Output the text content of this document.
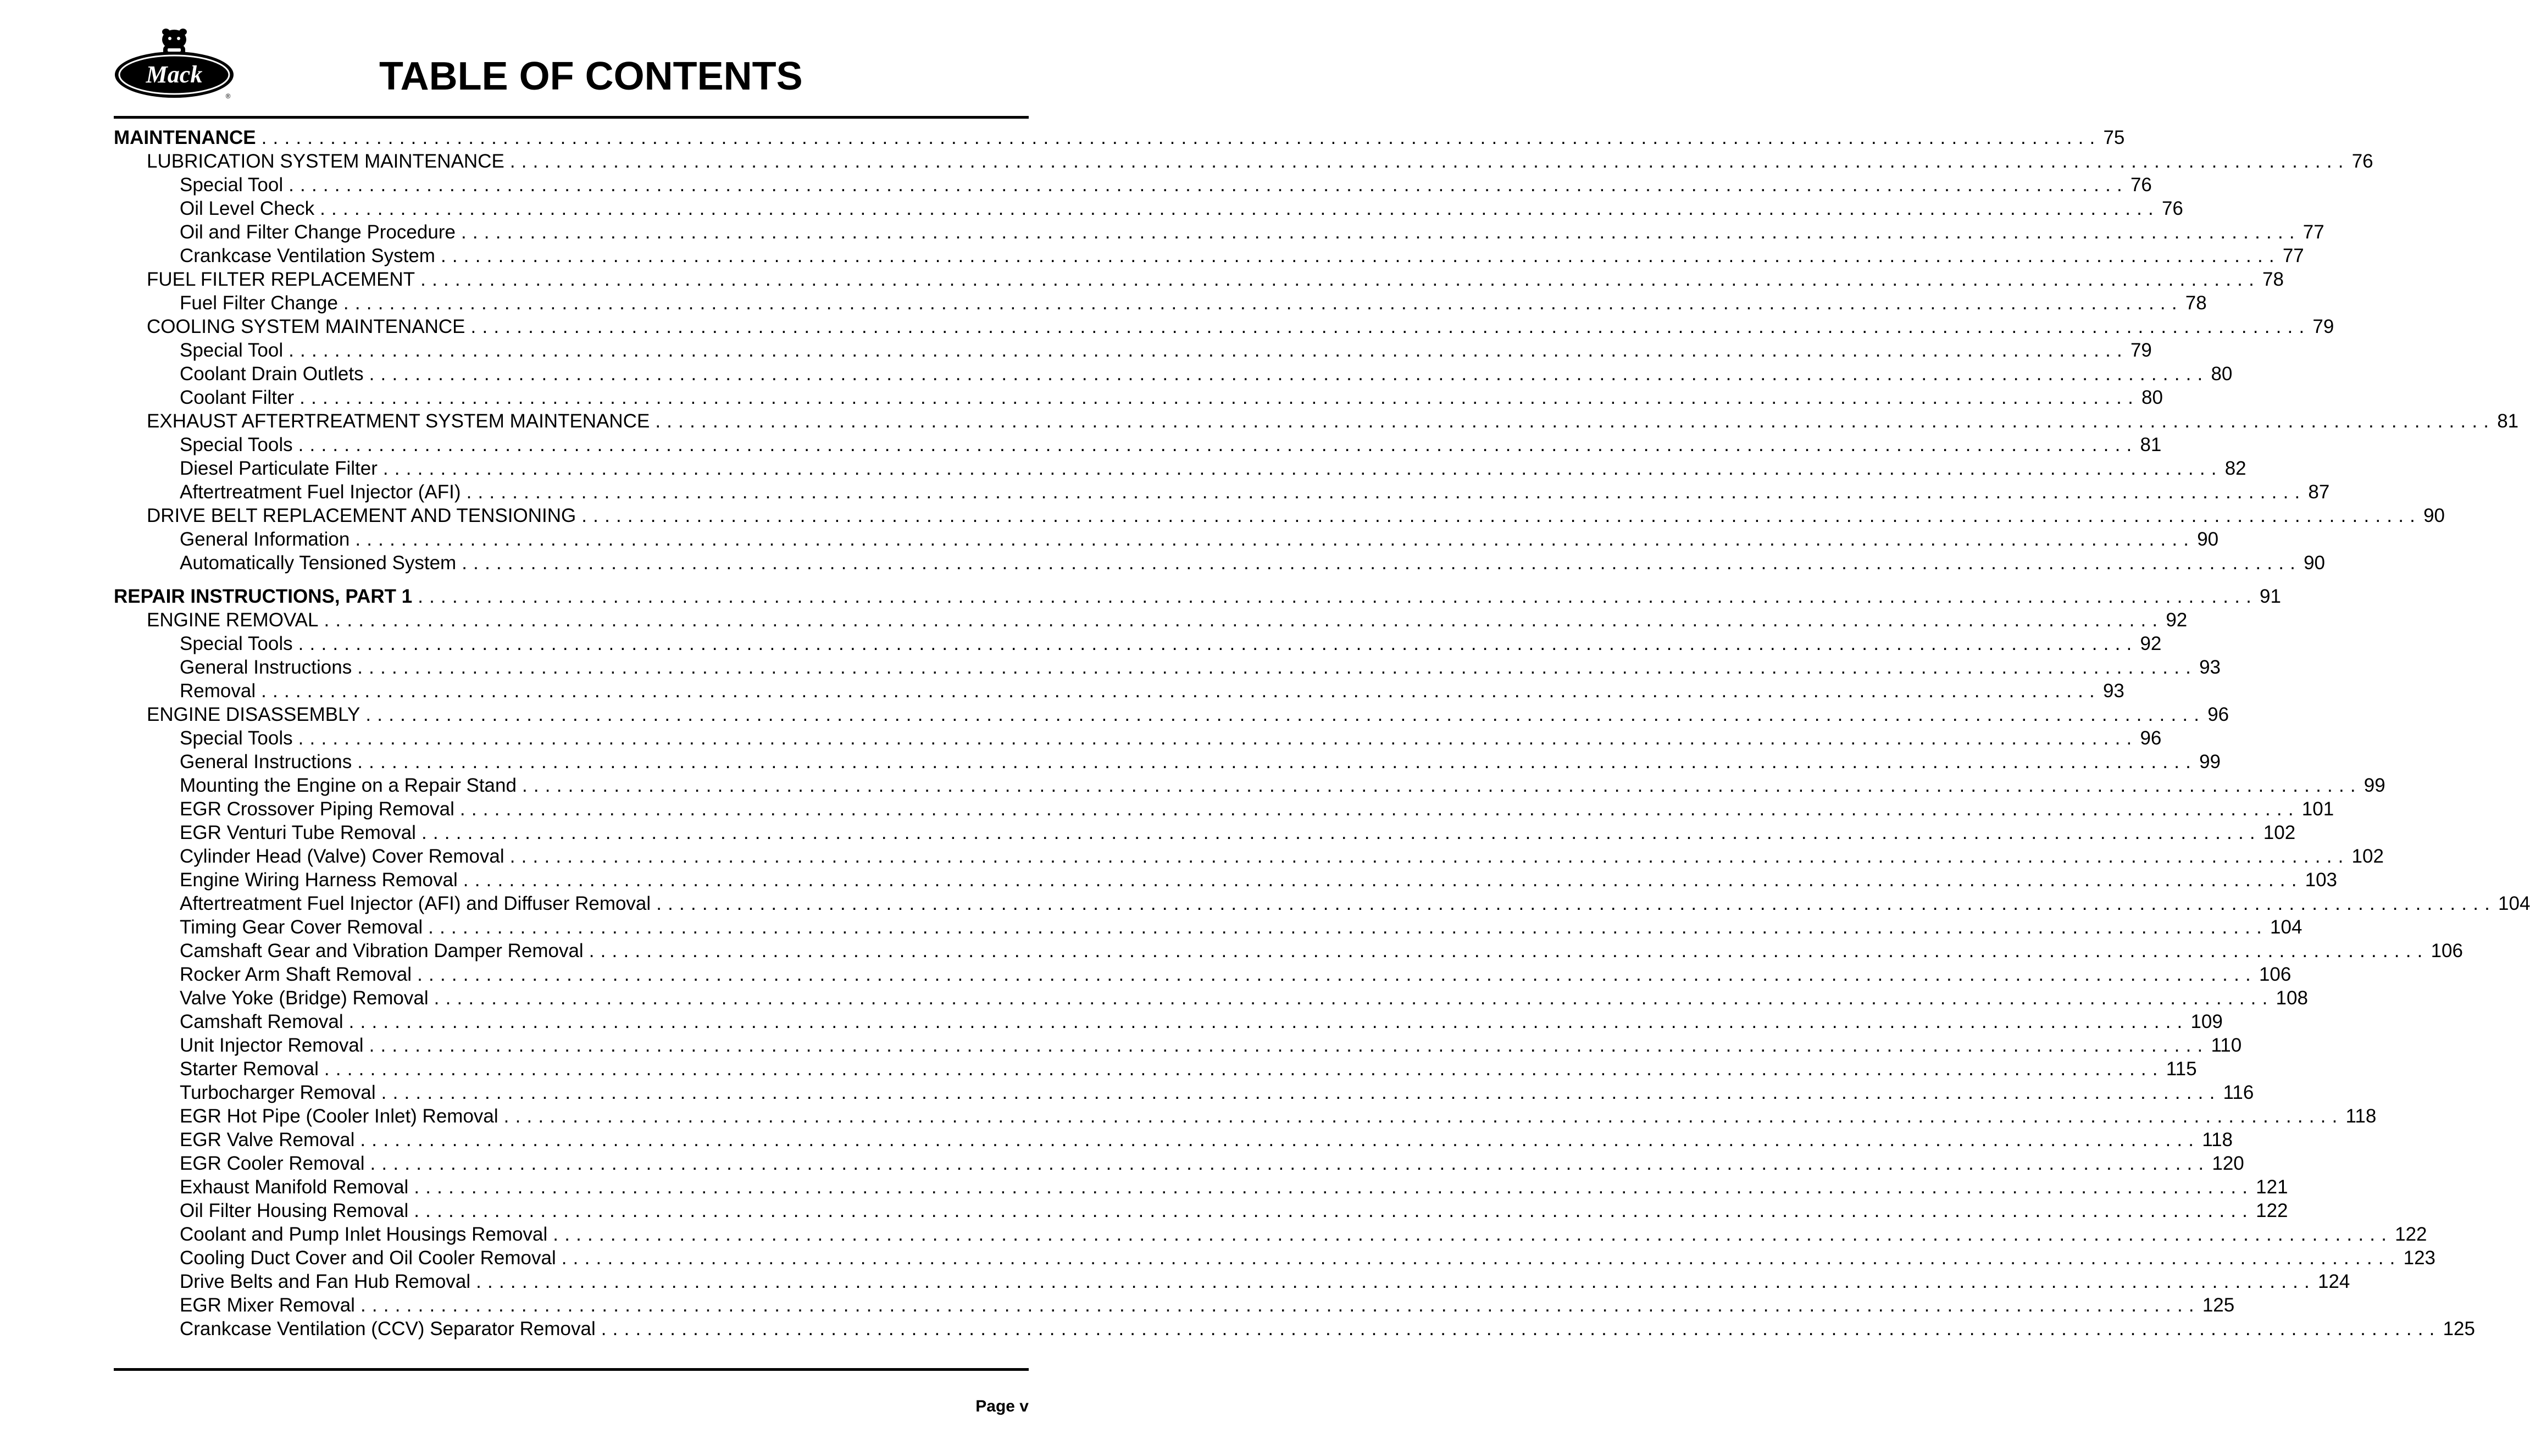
Mack
®	TABLE OF CONTENTS
MAINTENANCE ................................................................................................................................................................ 75
LUBRICATION SYSTEM MAINTENANCE ................................................................................................................................................................ 76
Special Tool ................................................................................................................................................................ 76
Oil Level Check ................................................................................................................................................................ 76
Oil and Filter Change Procedure ................................................................................................................................................................ 77
Crankcase Ventilation System ................................................................................................................................................................ 77
FUEL FILTER REPLACEMENT ................................................................................................................................................................ 78
Fuel Filter Change ................................................................................................................................................................ 78
COOLING SYSTEM MAINTENANCE ................................................................................................................................................................ 79
Special Tool ................................................................................................................................................................ 79
Coolant Drain Outlets ................................................................................................................................................................ 80
Coolant Filter ................................................................................................................................................................ 80
EXHAUST AFTERTREATMENT SYSTEM MAINTENANCE ................................................................................................................................................................ 81
Special Tools ................................................................................................................................................................ 81
Diesel Particulate Filter ................................................................................................................................................................ 82
Aftertreatment Fuel Injector (AFI) ................................................................................................................................................................ 87
DRIVE BELT REPLACEMENT AND TENSIONING ................................................................................................................................................................ 90
General Information ................................................................................................................................................................ 90
Automatically Tensioned System ................................................................................................................................................................ 90
REPAIR INSTRUCTIONS, PART 1 ................................................................................................................................................................ 91
ENGINE REMOVAL ................................................................................................................................................................ 92
Special Tools ................................................................................................................................................................ 92
General Instructions ................................................................................................................................................................ 93
Removal ................................................................................................................................................................ 93
ENGINE DISASSEMBLY ................................................................................................................................................................ 96
Special Tools ................................................................................................................................................................ 96
General Instructions ................................................................................................................................................................ 99
Mounting the Engine on a Repair Stand ................................................................................................................................................................ 99
EGR Crossover Piping Removal ................................................................................................................................................................ 101
EGR Venturi Tube Removal ................................................................................................................................................................ 102
Cylinder Head (Valve) Cover Removal ................................................................................................................................................................ 102
Engine Wiring Harness Removal ................................................................................................................................................................ 103
Aftertreatment Fuel Injector (AFI) and Diffuser Removal ................................................................................................................................................................ 104
Timing Gear Cover Removal ................................................................................................................................................................ 104
Camshaft Gear and Vibration Damper Removal ................................................................................................................................................................ 106
Rocker Arm Shaft Removal ................................................................................................................................................................ 106
Valve Yoke (Bridge) Removal ................................................................................................................................................................ 108
Camshaft Removal ................................................................................................................................................................ 109
Unit Injector Removal ................................................................................................................................................................ 110
Starter Removal ................................................................................................................................................................ 115
Turbocharger Removal ................................................................................................................................................................ 116
EGR Hot Pipe (Cooler Inlet) Removal ................................................................................................................................................................ 118
EGR Valve Removal ................................................................................................................................................................ 118
EGR Cooler Removal ................................................................................................................................................................ 120
Exhaust Manifold Removal ................................................................................................................................................................ 121
Oil Filter Housing Removal ................................................................................................................................................................ 122
Coolant and Pump Inlet Housings Removal ................................................................................................................................................................ 122
Cooling Duct Cover and Oil Cooler Removal ................................................................................................................................................................ 123
Drive Belts and Fan Hub Removal ................................................................................................................................................................ 124
EGR Mixer Removal ................................................................................................................................................................ 125
Crankcase Ventilation (CCV) Separator Removal ................................................................................................................................................................ 125
Page v
